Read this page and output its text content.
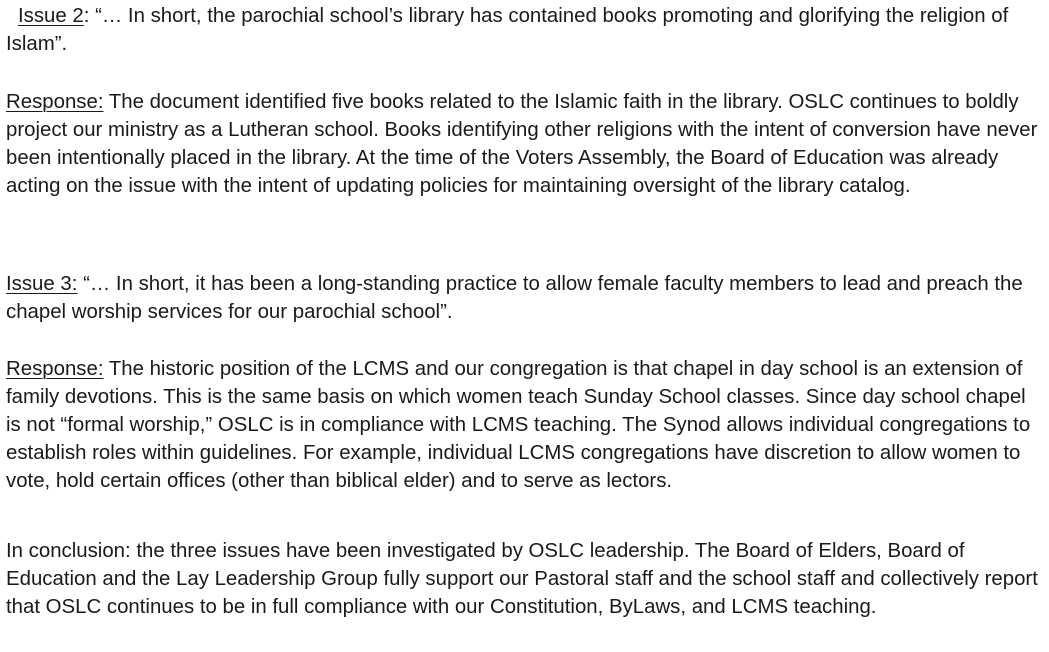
Issue 2: “… In short, the parochial school’s library has contained books promoting and glorifying the religion of Islam”.

Response: The document identified five books related to the Islamic faith in the library. OSLC continues to boldly project our ministry as a Lutheran school. Books identifying other religions with the intent of conversion have never been intentionally placed in the library. At the time of the Voters Assembly, the Board of Education was already acting on the issue with the intent of updating policies for maintaining oversight of the library catalog.

Issue 3: “… In short, it has been a long-standing practice to allow female faculty members to lead and preach the chapel worship services for our parochial school”.

Response: The historic position of the LCMS and our congregation is that chapel in day school is an extension of family devotions. This is the same basis on which women teach Sunday School classes. Since day school chapel is not “formal worship,” OSLC is in compliance with LCMS teaching. The Synod allows individual congregations to establish roles within guidelines. For example, individual LCMS congregations have discretion to allow women to vote, hold certain offices (other than biblical elder) and to serve as lectors.

In conclusion: the three issues have been investigated by OSLC leadership. The Board of Elders, Board of Education and the Lay Leadership Group fully support our Pastoral staff and the school staff and collectively report that OSLC continues to be in full compliance with our Constitution, ByLaws, and LCMS teaching.
